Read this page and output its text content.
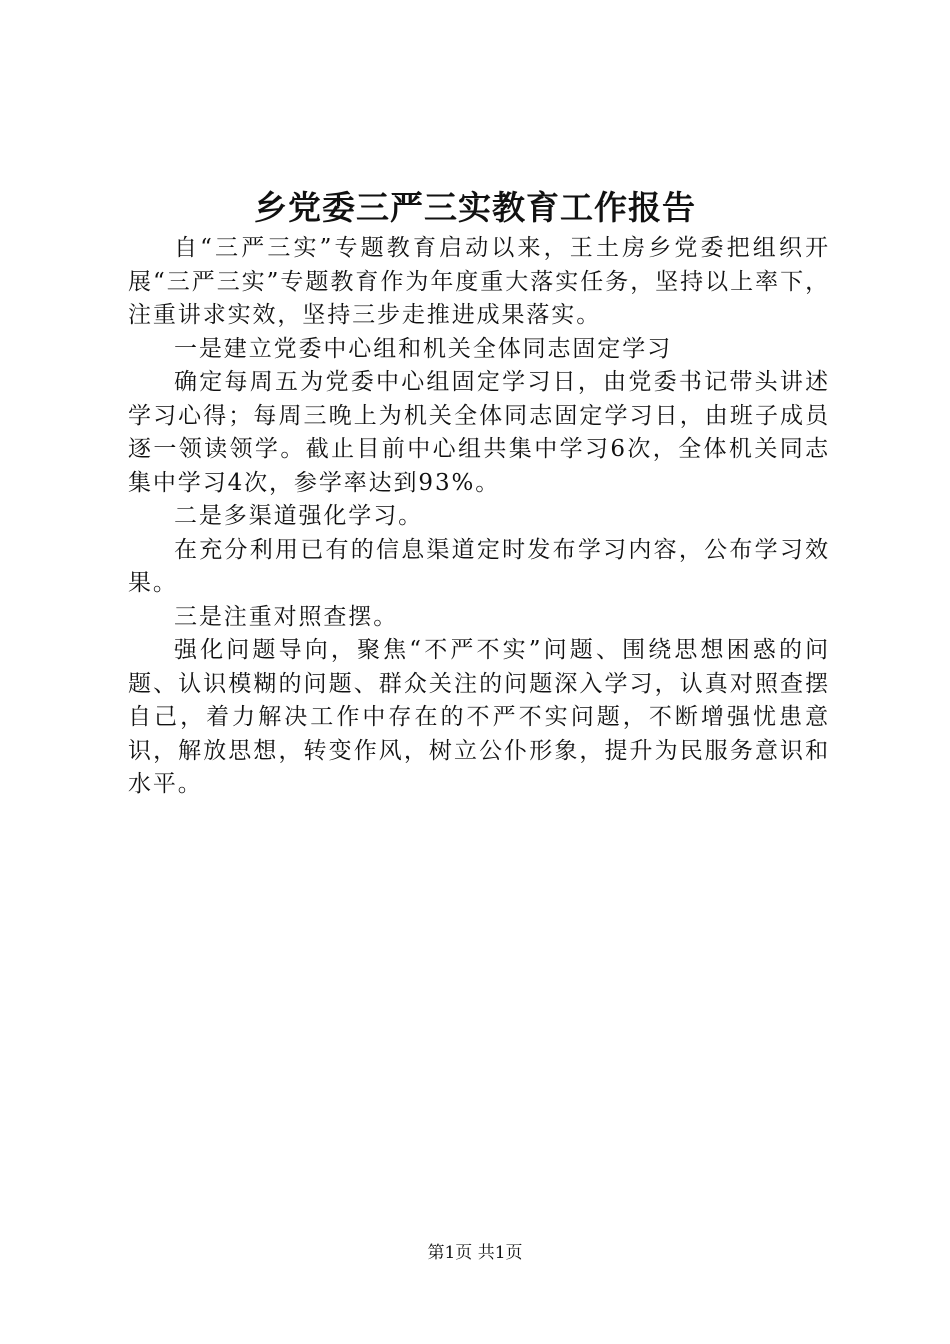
乡党委三严三实教育工作报告

自“三严三实”专题教育启动以来，王土房乡党委把组织开展“三严三实”专题教育作为年度重大落实任务，坚持以上率下，注重讲求实效，坚持三步走推进成果落实。

一是建立党委中心组和机关全体同志固定学习

确定每周五为党委中心组固定学习日，由党委书记带头讲述学习心得；每周三晚上为机关全体同志固定学习日，由班子成员逐一领读领学。截止目前中心组共集中学习6次，全体机关同志集中学习4次，参学率达到93%。

二是多渠道强化学习。

在充分利用已有的信息渠道定时发布学习内容，公布学习效果。

三是注重对照查摆。

强化问题导向，聚焦“不严不实”问题、围绕思想困惑的问题、认识模糊的问题、群众关注的问题深入学习，认真对照查摆自己，着力解决工作中存在的不严不实问题，不断增强忧患意识，解放思想，转变作风，树立公仆形象，提升为民服务意识和水平。

第1页 共1页
